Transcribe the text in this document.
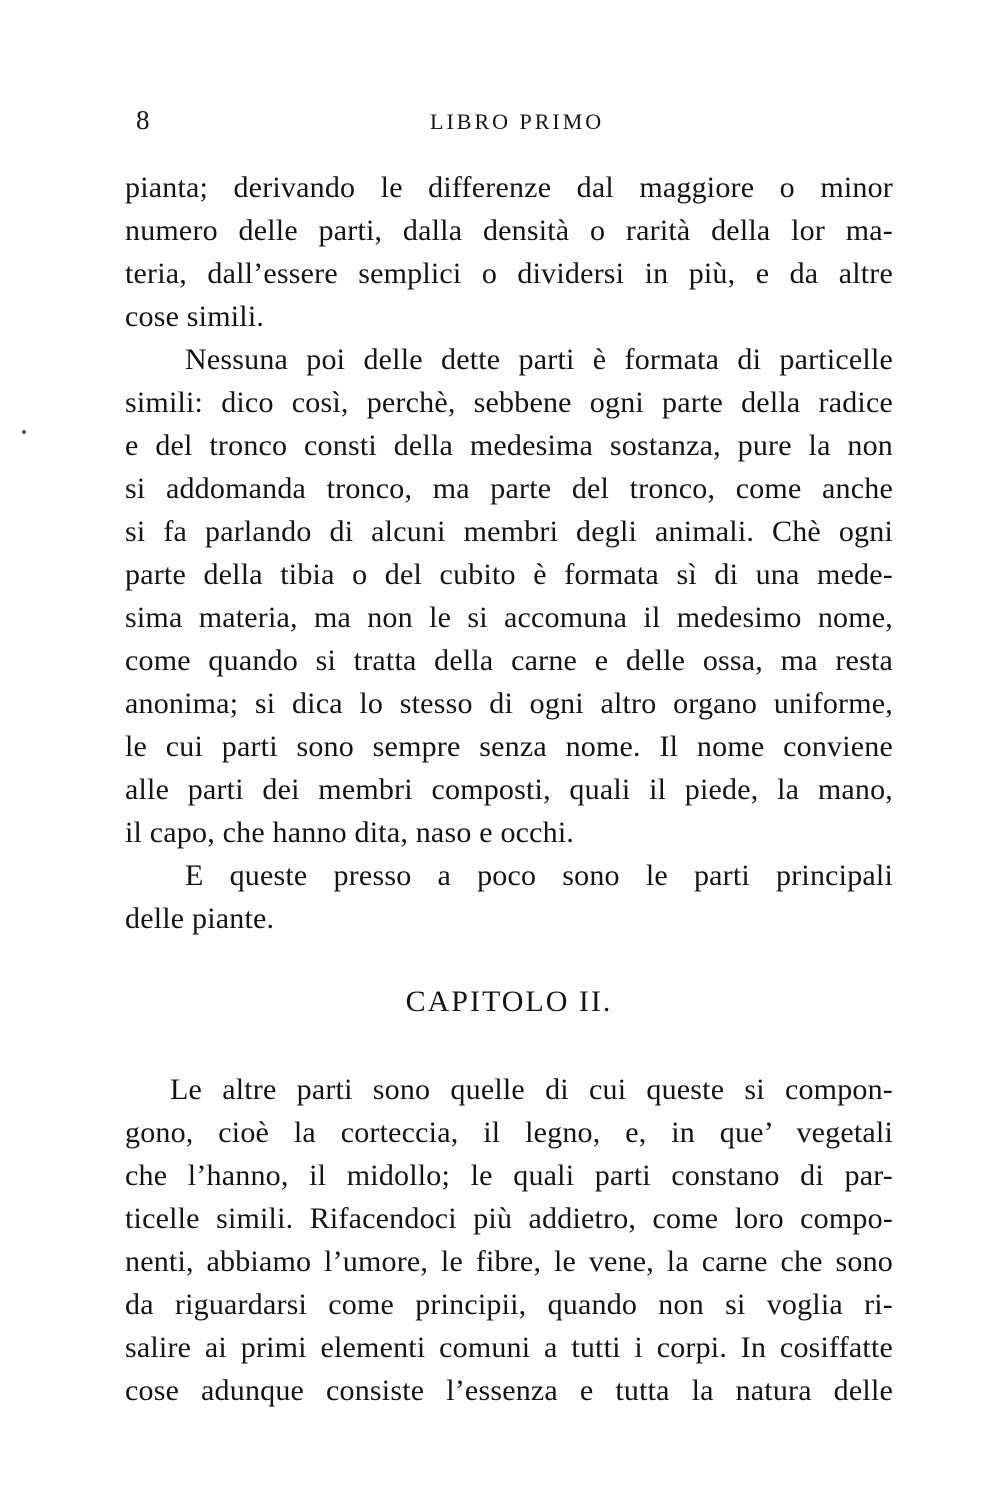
8	LIBRO PRIMO
pianta; derivando le differenze dal maggiore o minor
numero delle parti, dalla densità o rarità della lor ma-
teria, dall’essere semplici o dividersi in più, e da altre
cose simili.
Nessuna poi delle dette parti è formata di particelle
simili: dico così, perchè, sebbene ogni parte della radice
e del tronco consti della medesima sostanza, pure la non
si addomanda tronco, ma parte del tronco, come anche
si fa parlando di alcuni membri degli animali. Chè ogni
parte della tibia o del cubito è formata sì di una mede-
sima materia, ma non le si accomuna il medesimo nome,
come quando si tratta della carne e delle ossa, ma resta
anonima; si dica lo stesso di ogni altro organo uniforme,
le cui parti sono sempre senza nome. Il nome conviene
alle parti dei membri composti, quali il piede, la mano,
il capo, che hanno dita, naso e occhi.
E queste presso a poco sono le parti principali
delle piante.
CAPITOLO II.
Le altre parti sono quelle di cui queste si compon-
gono, cioè la corteccia, il legno, e, in que’ vegetali
che l’hanno, il midollo; le quali parti constano di par-
ticelle simili. Rifacendoci più addietro, come loro compo-
nenti, abbiamo l’umore, le fibre, le vene, la carne che sono
da riguardarsi come principii, quando non si voglia ri-
salire ai primi elementi comuni a tutti i corpi. In cosiffatte
cose adunque consiste l’essenza e tutta la natura delle
